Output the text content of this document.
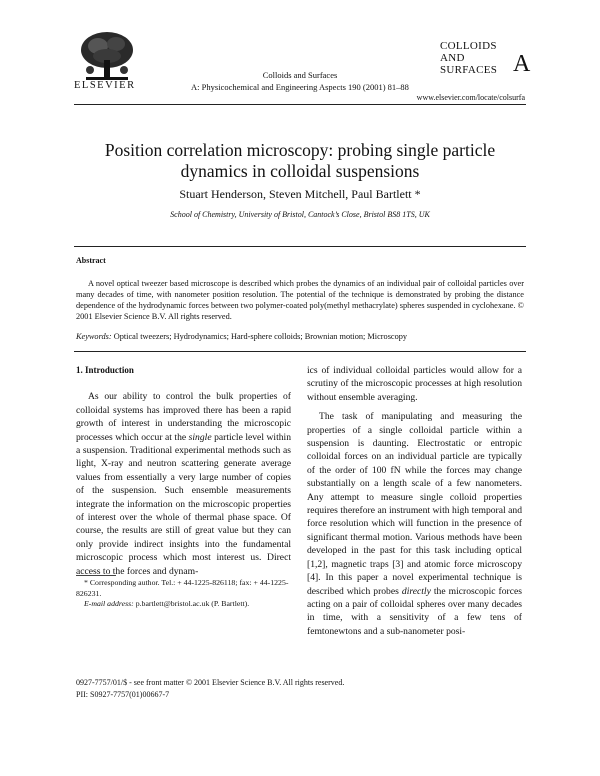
ELSEVIER
Colloids and Surfaces
A: Physicochemical and Engineering Aspects 190 (2001) 81–88
COLLOIDS
AND
SURFACES A
www.elsevier.com/locate/colsurfa
Position correlation microscopy: probing single particle dynamics in colloidal suspensions
Stuart Henderson, Steven Mitchell, Paul Bartlett *
School of Chemistry, University of Bristol, Cantock’s Close, Bristol BS8 1TS, UK
Abstract
A novel optical tweezer based microscope is described which probes the dynamics of an individual pair of colloidal particles over many decades of time, with nanometer position resolution. The potential of the technique is demonstrated by probing the distance dependence of the hydrodynamic forces between two polymer-coated poly(methyl methacrylate) spheres suspended in cyclohexane. © 2001 Elsevier Science B.V. All rights reserved.
Keywords: Optical tweezers; Hydrodynamics; Hard-sphere colloids; Brownian motion; Microscopy
1. Introduction

As our ability to control the bulk properties of colloidal systems has improved there has been a rapid growth of interest in understanding the microscopic processes which occur at the single particle level within a suspension. Traditional experimental methods such as light, X-ray and neutron scattering generate average values from essentially a very large number of copies of the suspension. Such ensemble measurements integrate the information on the microscopic properties of interest over the whole of thermal phase space. Of course, the results are still of great value but they can only provide indirect insights into the fundamental microscopic process which most interest us. Direct access to the forces and dynam-

ics of individual colloidal particles would allow for a scrutiny of the microscopic processes at high resolution without ensemble averaging.

The task of manipulating and measuring the properties of a single colloidal particle within a suspension is daunting. Electrostatic or entropic colloidal forces on an individual particle are typically of the order of 100 fN while the forces may change substantially on a length scale of a few nanometers. Any attempt to measure single colloid properties requires therefore an instrument with high temporal and force resolution which will function in the presence of significant thermal motion. Various methods have been developed in the past for this task including optical [1,2], magnetic traps [3] and atomic force microscopy [4]. In this paper a novel experimental technique is described which probes directly the microscopic forces acting on a pair of colloidal spheres over many decades in time, with a sensitivity of a few tens of femtonewtons and a sub-nanometer posi-

* Corresponding author. Tel.: + 44-1225-826118; fax: + 44-1225-826231.

E-mail address: p.bartlett@bristol.ac.uk (P. Bartlett).

0927-7757/01/$ - see front matter © 2001 Elsevier Science B.V. All rights reserved.
PII: S0927-7757(01)00667-7
